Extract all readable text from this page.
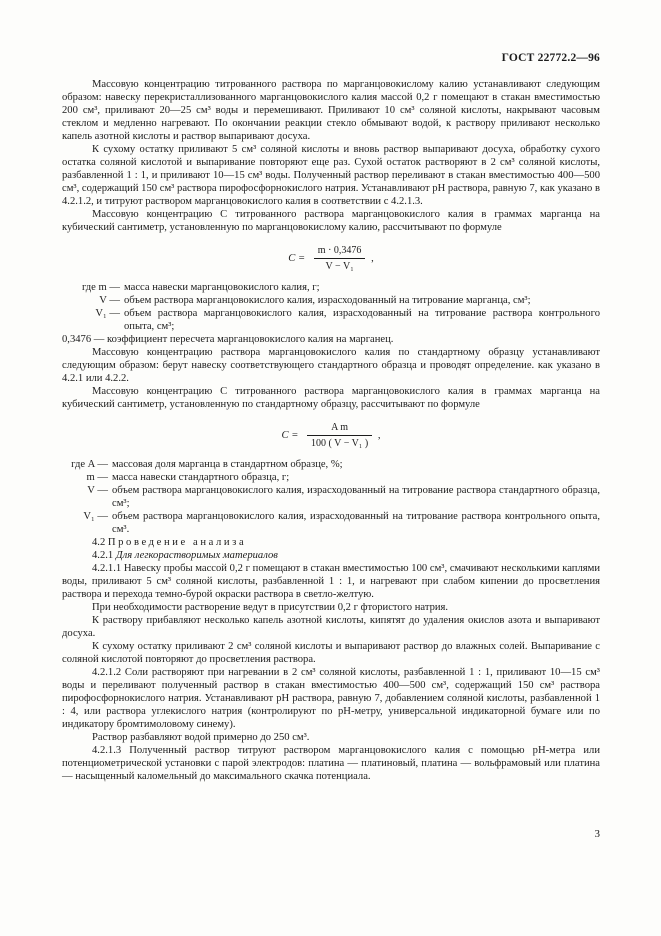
ГОСТ 22772.2—96

Массовую концентрацию титрованного раствора по марганцовокислому калию устанавливают следующим образом: навеску перекристаллизованного марганцовокислого калия массой 0,2 г помещают в стакан вместимостью 200 см³, приливают 20—25 см³ воды и перемешивают. Приливают 10 см³ соляной кислоты, накрывают часовым стеклом и медленно нагревают. По окончании реакции стекло обмывают водой, к раствору приливают несколько капель азотной кислоты и раствор выпаривают досуха.

К сухому остатку приливают 5 см³ соляной кислоты и вновь раствор выпаривают досуха, обработку сухого остатка соляной кислотой и выпаривание повторяют еще раз. Сухой остаток растворяют в 2 см³ соляной кислоты, разбавленной 1 : 1, и приливают 10—15 см³ воды. Полученный раствор переливают в стакан вместимостью 400—500 см³, содержащий 150 см³ раствора пирофосфорнокислого натрия. Устанавливают pH раствора, равную 7, как указано в 4.2.1.2, и титруют раствором марганцовокислого калия в соответствии с 4.2.1.3.

Массовую концентрацию C титрованного раствора марганцовокислого калия в граммах марганца на кубический сантиметр, установленную по марганцовокислому калию, рассчитывают по формуле

$C = \frac{m \cdot 0,3476}{\text{V − V₁}}$ ,
где m — масса навески марганцовокислого калия, г;
V — объем раствора марганцовокислого калия, израсходованный на титрование марганца, см³;
V₁ — объем раствора марганцовокислого калия, израсходованный на титрование раствора контрольного опыта, см³;

0,3476 — коэффициент пересчета марганцовокислого калия на марганец.

Массовую концентрацию раствора марганцовокислого калия по стандартному образцу устанавливают следующим образом: берут навеску соответствующего стандартного образца и проводят определение. как указано в 4.2.1 или 4.2.2.

Массовую концентрацию C титрованного раствора марганцовокислого калия в граммах марганца на кубический сантиметр, установленную по стандартному образцу, рассчитывают по формуле

$C = \frac{\text{A m}}{\text{100 ( V − V₁ )}}$ ,
где A — массовая доля марганца в стандартном образце, %;
m — масса навески стандартного образца, г;
V — объем раствора марганцовокислого калия, израсходованный на титрование раствора стандартного образца, см³;
V₁ — объем раствора марганцовокислого калия, израсходованный на титрование раствора контрольного опыта, см³.

4.2 Проведение анализа

4.2.1 Для легкорастворимых материалов

4.2.1.1 Навеску пробы массой 0,2 г помещают в стакан вместимостью 100 см³, смачивают несколькими каплями воды, приливают 5 см³ соляной кислоты, разбавленной 1 : 1, и нагревают при слабом кипении до просветления раствора и перехода темно-бурой окраски раствора в светло-желтую.

При необходимости растворение ведут в присутствии 0,2 г фтористого натрия.

К раствору прибавляют несколько капель азотной кислоты, кипятят до удаления окислов азота и выпаривают досуха.

К сухому остатку приливают 2 см³ соляной кислоты и выпаривают раствор до влажных солей. Выпаривание с соляной кислотой повторяют до просветления раствора.

4.2.1.2 Соли растворяют при нагревании в 2 см³ соляной кислоты, разбавленной 1 : 1, приливают 10—15 см³ воды и переливают полученный раствор в стакан вместимостью 400—500 см³, содержащий 150 см³ раствора пирофосфорнокислого натрия. Устанавливают pH раствора, равную 7, добавлением соляной кислоты, разбавленной 1 : 4, или раствора углекислого натрия (контролируют по pH-метру, универсальной индикаторной бумаге или по индикатору бромтимоловому синему).

Раствор разбавляют водой примерно до 250 см³.

4.2.1.3 Полученный раствор титруют раствором марганцовокислого калия с помощью pH-метра или потенциометрической установки с парой электродов: платина — платиновый, платина — вольфрамовый или платина — насыщенный каломельный до максимального скачка потенциала.

3
